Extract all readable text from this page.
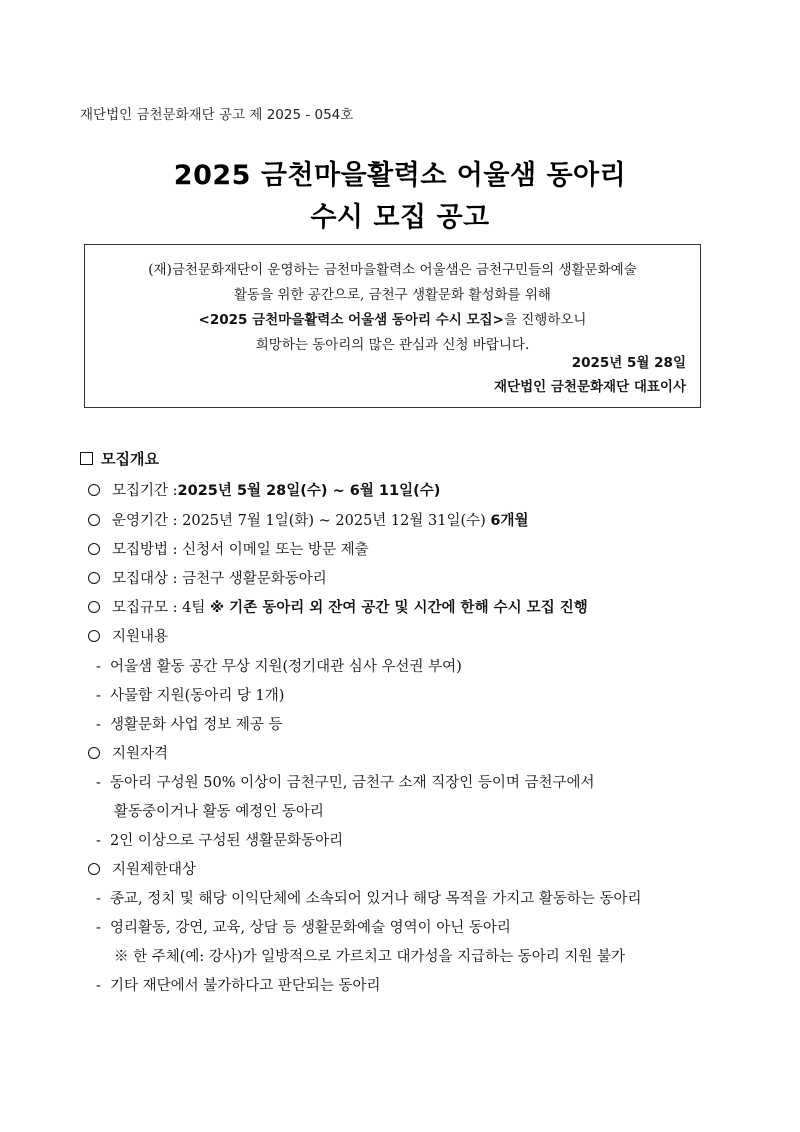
재단법인 금천문화재단 공고 제 2025 - 054호
2025 금천마을활력소 어울샘 동아리
수시 모집 공고
(재)금천문화재단이 운영하는 금천마을활력소 어울샘은 금천구민들의 생활문화예술
활동을 위한 공간으로, 금천구 생활문화 활성화를 위해
<2025 금천마을활력소 어울샘 동아리 수시 모집>을 진행하오니
희망하는 동아리의 많은 관심과 신청 바랍니다.
2025년 5월 28일
재단법인 금천문화재단 대표이사
모집개요
모집기간 : 2025년 5월 28일(수) ~ 6월 11일(수)
운영기간 : 2025년 7월 1일(화) ~ 2025년 12월 31일(수) 6개월
모집방법 : 신청서 이메일 또는 방문 제출
모집대상 : 금천구 생활문화동아리
모집규모 : 4팀 ※ 기존 동아리 외 잔여 공간 및 시간에 한해 수시 모집 진행
지원내용
- 어울샘 활동 공간 무상 지원(정기대관 심사 우선권 부여)
- 사물함 지원(동아리 당 1개)
- 생활문화 사업 정보 제공 등
지원자격
- 동아리 구성원 50% 이상이 금천구민, 금천구 소재 직장인 등이며 금천구에서
활동중이거나 활동 예정인 동아리
- 2인 이상으로 구성된 생활문화동아리
지원제한대상
- 종교, 정치 및 해당 이익단체에 소속되어 있거나 해당 목적을 가지고 활동하는 동아리
- 영리활동, 강연, 교육, 상담 등 생활문화예술 영역이 아닌 동아리
※ 한 주체(예: 강사)가 일방적으로 가르치고 대가성을 지급하는 동아리 지원 불가
- 기타 재단에서 불가하다고 판단되는 동아리
